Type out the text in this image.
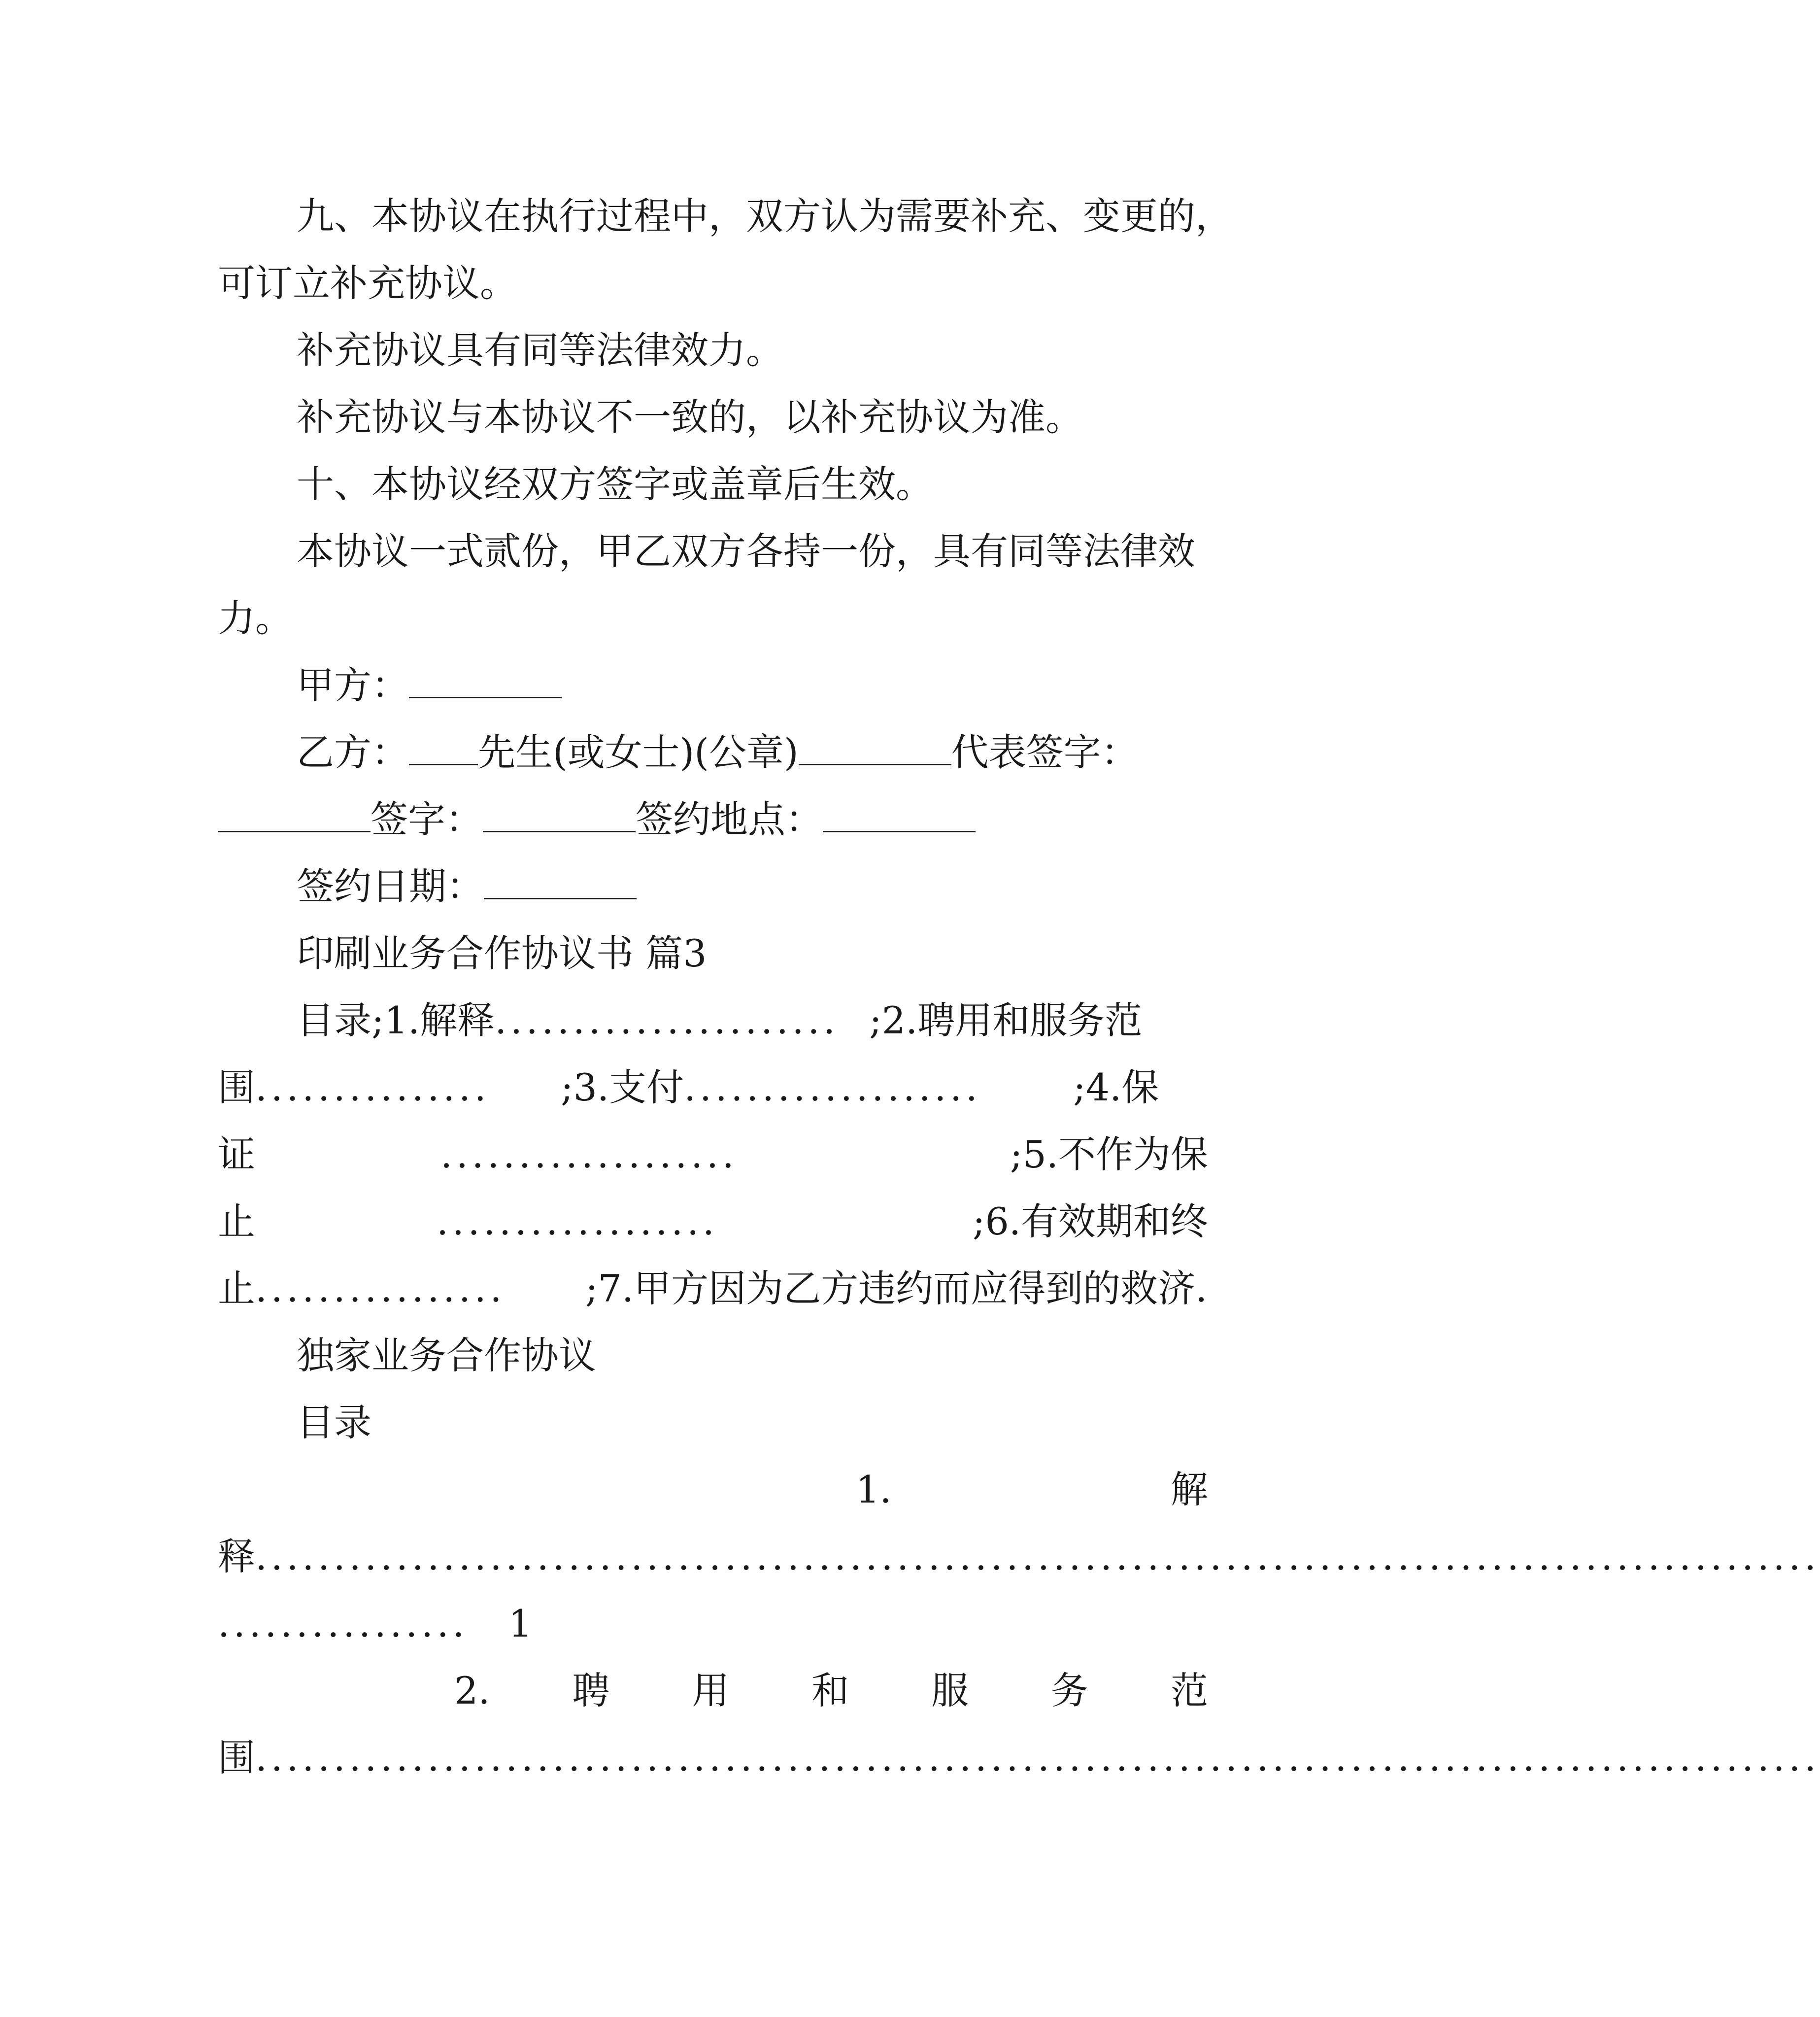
九、本协议在执行过程中，双方认为需要补充、变更的，
可订立补充协议。
补充协议具有同等法律效力。
补充协议与本协议不一致的，以补充协议为准。
十、本协议经双方签字或盖章后生效。
本协议一式贰份，甲乙双方各持一份，具有同等法律效
力。
甲方：
乙方： 先生(或女士)(公章)	代表签字：
签字：	签约地点：
签约日期：
印刷业务合作协议书 篇3
目录;1.解释...................... ;2.聘用和服务范
围............... ;3.支付................... ;4.保
证	...................	;5.不作为保
止	..................	;6.有效期和终
止................ ;7.甲方因为乙方违约而应得到的救济.
独家业务合作协议
目录
1.	解
释....................................................................................................
................ 1
2. 聘 用 和 服 务 范
围....................................................................................................
